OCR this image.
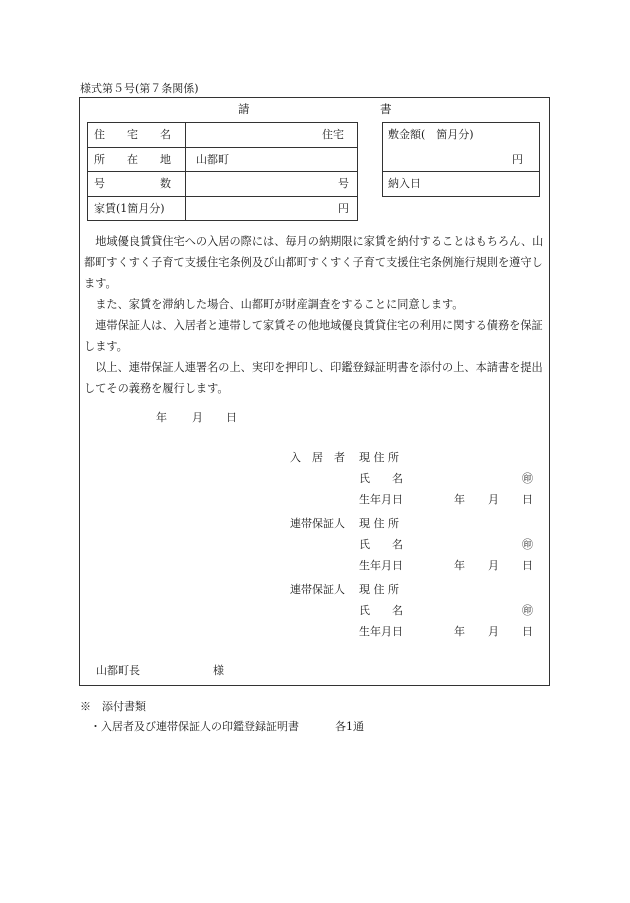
様式第５号(第７条関係)
請	書
住　　宅　　名	住宅
所　　在　　地 山都町
号　　　　　数	号
家賃(1箇月分)	円
敷金額(　箇月分)
円
納入日

　地域優良賃貸住宅への入居の際には、毎月の納期限に家賃を納付することはもちろん、山都町すくすく子育て支援住宅条例及び山都町すくすく子育て支援住宅条例施行規則を遵守します。

　また、家賃を滞納した場合、山都町が財産調査をすることに同意します。

　連帯保証人は、入居者と連帯して家賃その他地域優良賃貸住宅の利用に関する債務を保証します。

　以上、連帯保証人連署名の上、実印を押印し、印鑑登録証明書を添付の上、本請書を提出してその義務を履行します。

年 月 日
入　居　者 現 住 所
氏　　名	㊞
生年月日	年 月 日
連帯保証人 現 住 所
氏　　名	㊞
生年月日	年 月 日
連帯保証人 現 住 所
氏　　名	㊞
生年月日	年 月 日
山都町長	様
※　添付書類
・入居者及び連帯保証人の印鑑登録証明書	各1通
